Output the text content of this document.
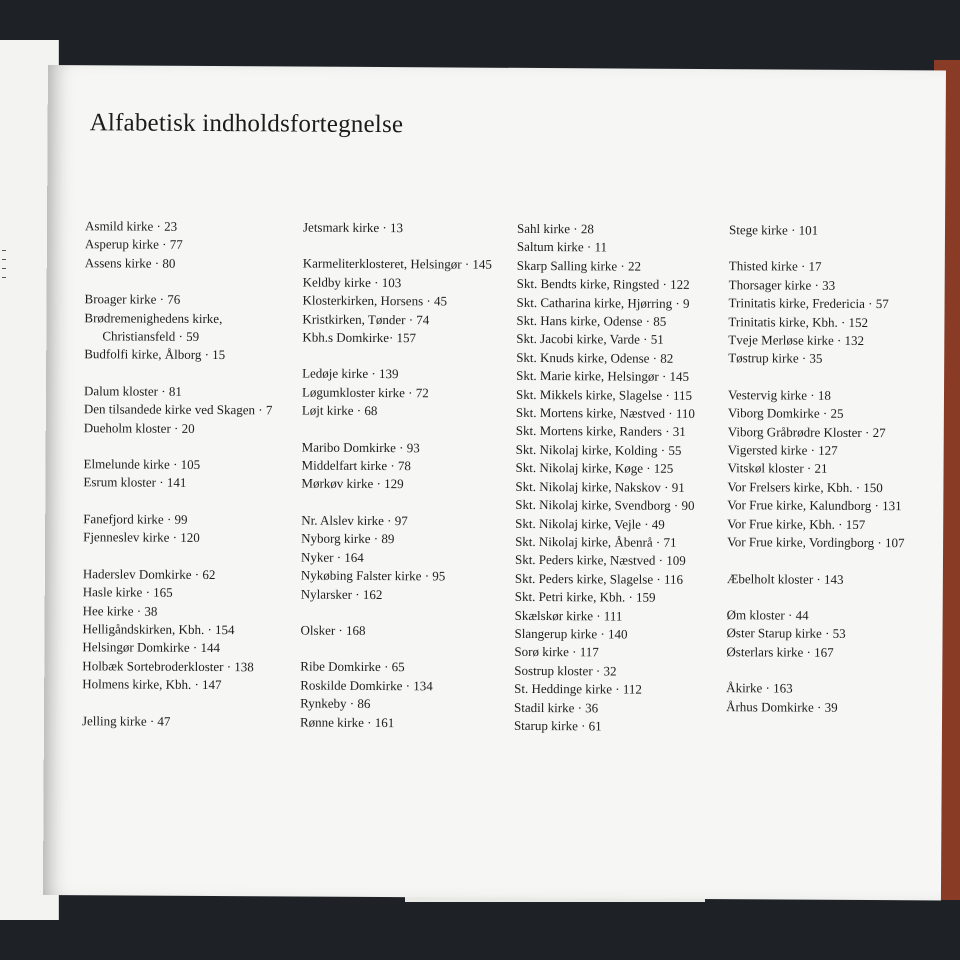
Alfabetisk indholdsfortegnelse
Asmild kirke · 23
Asperup kirke · 77
Assens kirke · 80
Broager kirke · 76
Brødremenighedens kirke,
Christiansfeld · 59
Budfolfi kirke, Ålborg · 15
Dalum kloster · 81
Den tilsandede kirke ved Skagen · 7
Dueholm kloster · 20
Elmelunde kirke · 105
Esrum kloster · 141
Fanefjord kirke · 99
Fjenneslev kirke · 120
Haderslev Domkirke · 62
Hasle kirke · 165
Hee kirke · 38
Helligåndskirken, Kbh. · 154
Helsingør Domkirke · 144
Holbæk Sortebroderkloster · 138
Holmens kirke, Kbh. · 147
Jelling kirke · 47
Jetsmark kirke · 13
Karmeliterklosteret, Helsingør · 145
Keldby kirke · 103
Klosterkirken, Horsens · 45
Kristkirken, Tønder · 74
Kbh.s Domkirke· 157
Ledøje kirke · 139
Løgumkloster kirke · 72
Løjt kirke · 68
Maribo Domkirke · 93
Middelfart kirke · 78
Mørkøv kirke · 129
Nr. Alslev kirke · 97
Nyborg kirke · 89
Nyker · 164
Nykøbing Falster kirke · 95
Nylarsker · 162
Olsker · 168
Ribe Domkirke · 65
Roskilde Domkirke · 134
Rynkeby · 86
Rønne kirke · 161
Sahl kirke · 28
Saltum kirke · 11
Skarp Salling kirke · 22
Skt. Bendts kirke, Ringsted · 122
Skt. Catharina kirke, Hjørring · 9
Skt. Hans kirke, Odense · 85
Skt. Jacobi kirke, Varde · 51
Skt. Knuds kirke, Odense · 82
Skt. Marie kirke, Helsingør · 145
Skt. Mikkels kirke, Slagelse · 115
Skt. Mortens kirke, Næstved · 110
Skt. Mortens kirke, Randers · 31
Skt. Nikolaj kirke, Kolding · 55
Skt. Nikolaj kirke, Køge · 125
Skt. Nikolaj kirke, Nakskov · 91
Skt. Nikolaj kirke, Svendborg · 90
Skt. Nikolaj kirke, Vejle · 49
Skt. Nikolaj kirke, Åbenrå · 71
Skt. Peders kirke, Næstved · 109
Skt. Peders kirke, Slagelse · 116
Skt. Petri kirke, Kbh. · 159
Skælskør kirke · 111
Slangerup kirke · 140
Sorø kirke · 117
Sostrup kloster · 32
St. Heddinge kirke · 112
Stadil kirke · 36
Starup kirke · 61
Stege kirke · 101
Thisted kirke · 17
Thorsager kirke · 33
Trinitatis kirke, Fredericia · 57
Trinitatis kirke, Kbh. · 152
Tveje Merløse kirke · 132
Tøstrup kirke · 35
Vestervig kirke · 18
Viborg Domkirke · 25
Viborg Gråbrødre Kloster · 27
Vigersted kirke · 127
Vitskøl kloster · 21
Vor Frelsers kirke, Kbh. · 150
Vor Frue kirke, Kalundborg · 131
Vor Frue kirke, Kbh. · 157
Vor Frue kirke, Vordingborg · 107
Æbelholt kloster · 143
Øm kloster · 44
Øster Starup kirke · 53
Østerlars kirke · 167
Åkirke · 163
Århus Domkirke · 39
